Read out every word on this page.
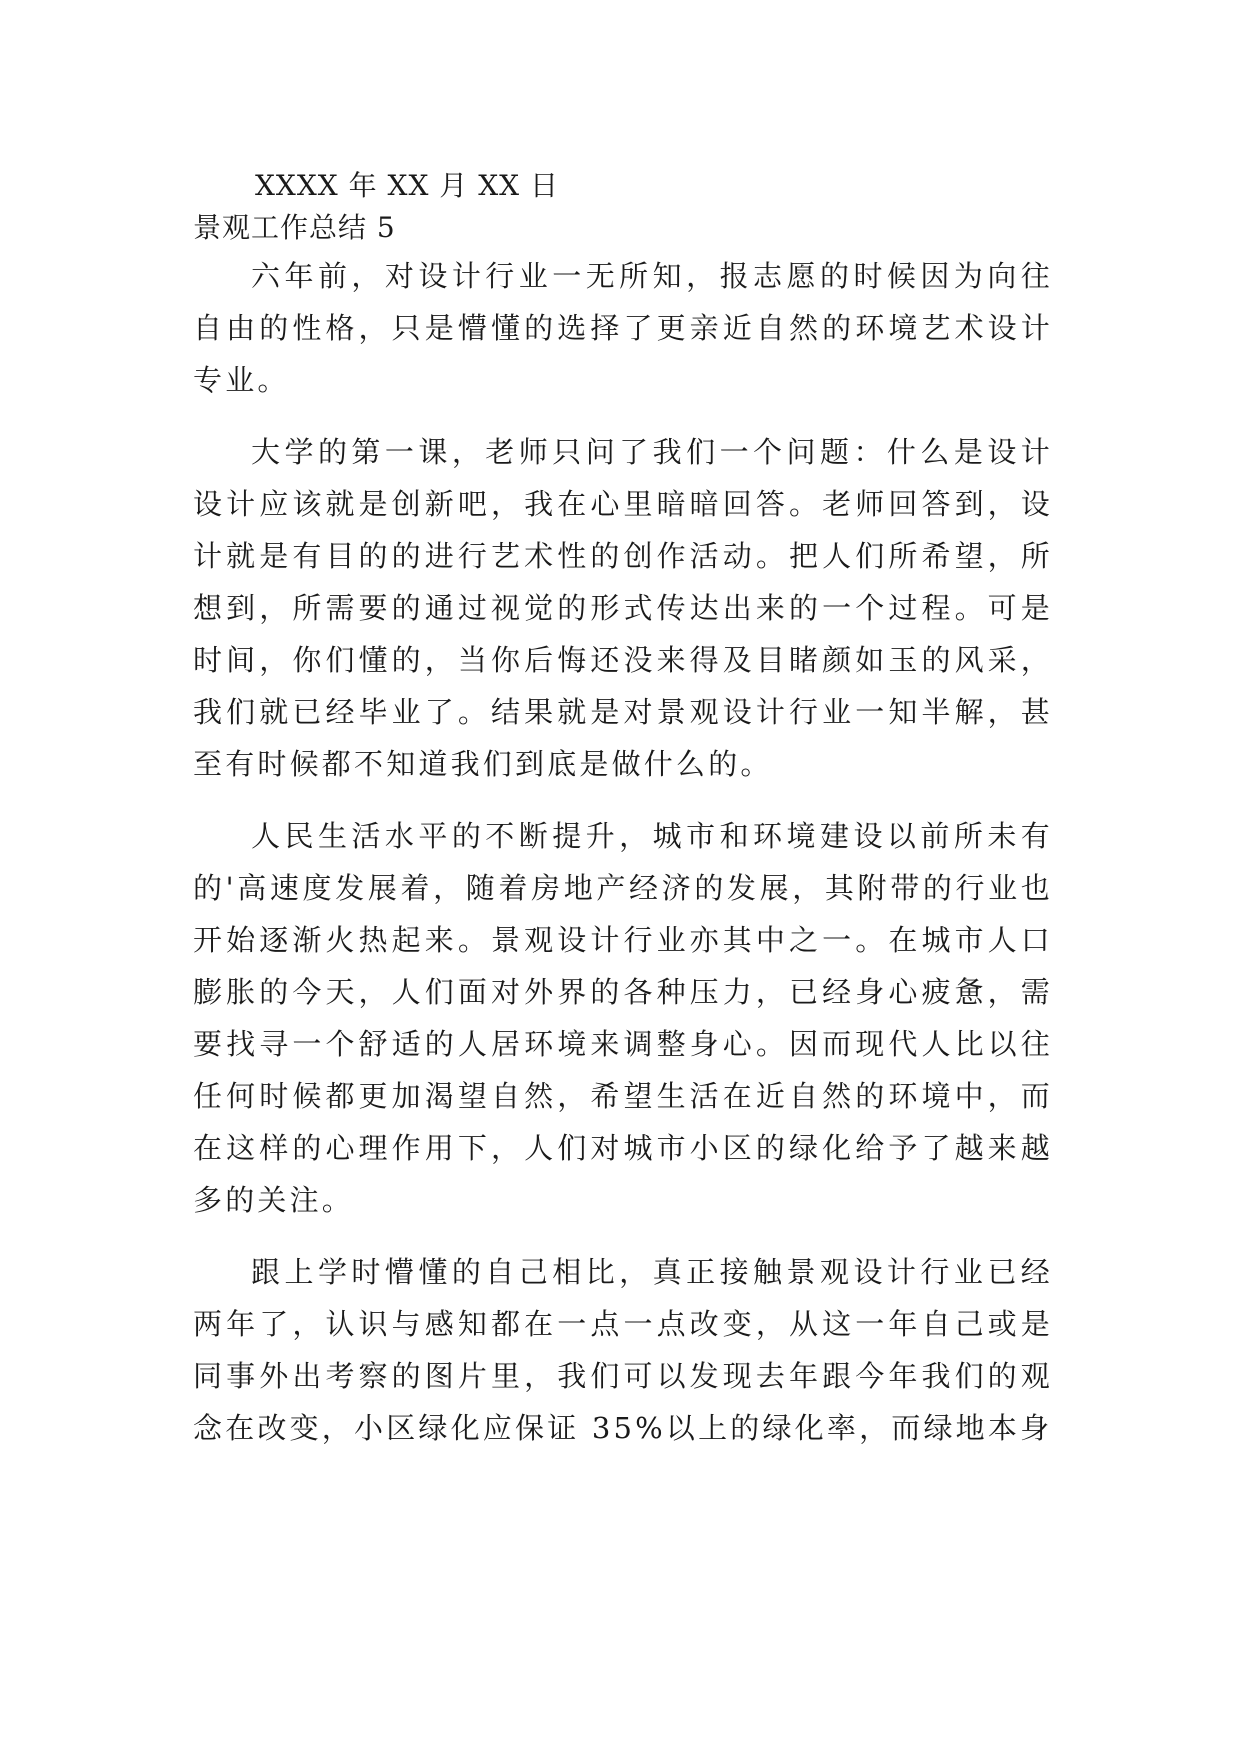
XXXX 年 XX 月 XX 日
景观工作总结 5

六年前，对设计行业一无所知，报志愿的时候因为向往自由的性格，只是懵懂的选择了更亲近自然的环境艺术设计专业。

大学的第一课，老师只问了我们一个问题：什么是设计设计应该就是创新吧，我在心里暗暗回答。老师回答到，设计就是有目的的进行艺术性的创作活动。把人们所希望，所想到，所需要的通过视觉的形式传达出来的一个过程。可是时间，你们懂的，当你后悔还没来得及目睹颜如玉的风采，我们就已经毕业了。结果就是对景观设计行业一知半解，甚至有时候都不知道我们到底是做什么的。

人民生活水平的不断提升，城市和环境建设以前所未有的'高速度发展着，随着房地产经济的发展，其附带的行业也开始逐渐火热起来。景观设计行业亦其中之一。在城市人口膨胀的今天，人们面对外界的各种压力，已经身心疲惫，需要找寻一个舒适的人居环境来调整身心。因而现代人比以往任何时候都更加渴望自然，希望生活在近自然的环境中，而在这样的心理作用下，人们对城市小区的绿化给予了越来越多的关注。

跟上学时懵懂的自己相比，真正接触景观设计行业已经两年了，认识与感知都在一点一点改变，从这一年自己或是同事外出考察的图片里，我们可以发现去年跟今年我们的观念在改变，小区绿化应保证 35%以上的绿化率，而绿地本身
